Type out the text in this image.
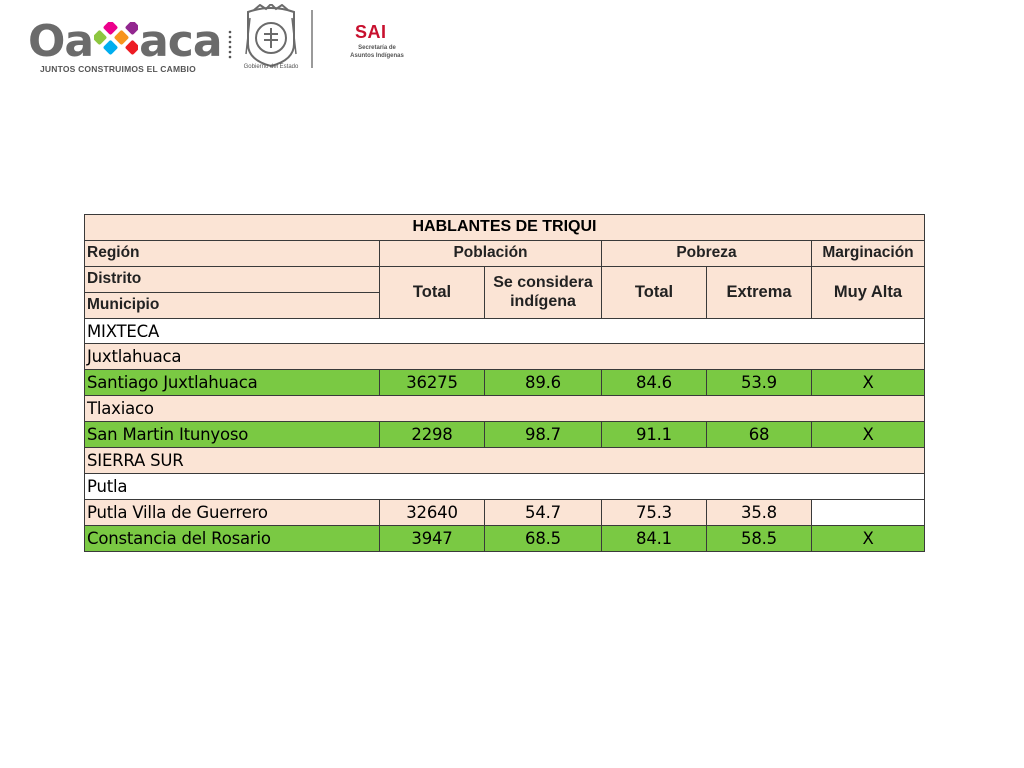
Oa aca
JUNTOS CONSTRUIMOS EL CAMBIO	Gobierno del Estado
SAI
Secretaría de
Asuntos Indígenas
HABLANTES DE TRIQUI					
Región	Población		Pobreza		Marginación
Distrito	Total	Se considera indígena	Total	Extrema	Muy Alta
Municipio					
MIXTECA					
Juxtlahuaca					
Santiago Juxtlahuaca	36275	89.6	84.6	53.9	X
Tlaxiaco					
San Martin Itunyoso	2298	98.7	91.1	68	X
SIERRA SUR					
Putla					
Putla Villa de Guerrero	32640	54.7	75.3	35.8	
Constancia del Rosario	3947	68.5	84.1	58.5	X
